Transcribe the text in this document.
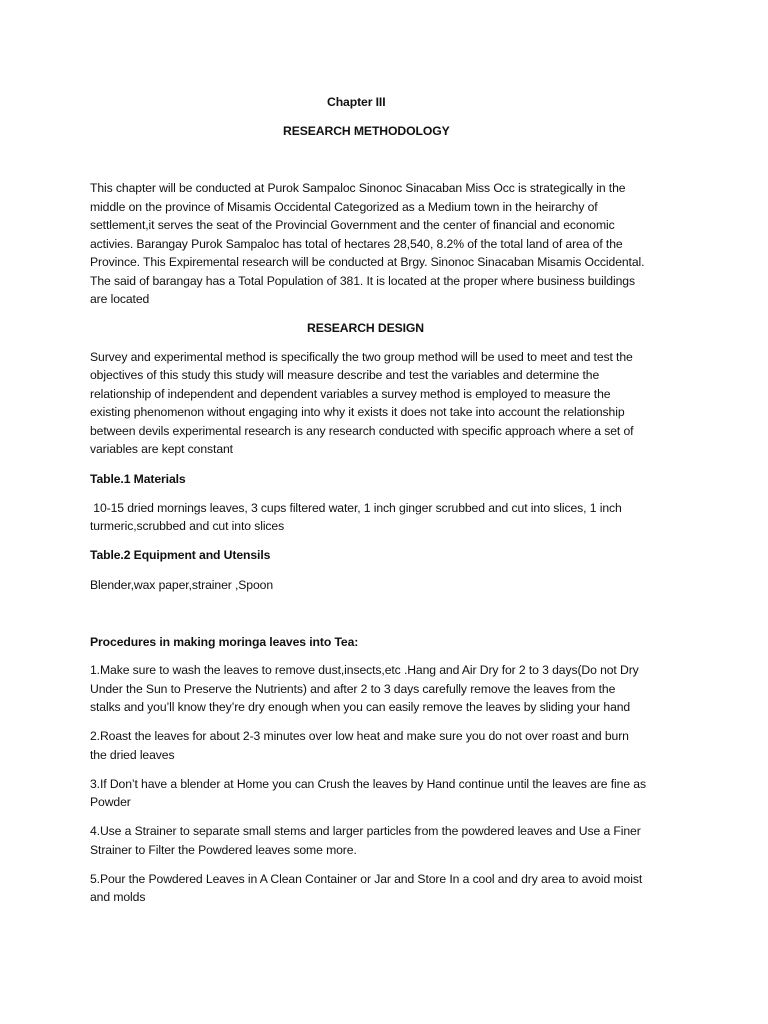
Chapter III
RESEARCH METHODOLOGY
This chapter will be conducted at Purok Sampaloc Sinonoc Sinacaban Miss Occ is strategically in the
middle on the province of Misamis Occidental Categorized as a Medium town in the heirarchy of
settlement,it serves the seat of the Provincial Government and the center of financial and economic
activies. Barangay Purok Sampaloc has total of hectares 28,540, 8.2% of the total land of area of the
Province. This Expiremental research will be conducted at Brgy. Sinonoc Sinacaban Misamis Occidental.
The said of barangay has a Total Population of 381. It is located at the proper where business buildings
are located
RESEARCH DESIGN
Survey and experimental method is specifically the two group method will be used to meet and test the
objectives of this study this study will measure describe and test the variables and determine the
relationship of independent and dependent variables a survey method is employed to measure the
existing phenomenon without engaging into why it exists it does not take into account the relationship
between devils experimental research is any research conducted with specific approach where a set of
variables are kept constant
Table.1 Materials
10-15 dried mornings leaves, 3 cups filtered water, 1 inch ginger scrubbed and cut into slices, 1 inch
turmeric,scrubbed and cut into slices
Table.2 Equipment and Utensils
Blender,wax paper,strainer ,Spoon
Procedures in making moringa leaves into Tea:
1.Make sure to wash the leaves to remove dust,insects,etc .Hang and Air Dry for 2 to 3 days(Do not Dry
Under the Sun to Preserve the Nutrients) and after 2 to 3 days carefully remove the leaves from the
stalks and you’ll know they’re dry enough when you can easily remove the leaves by sliding your hand
2.Roast the leaves for about 2-3 minutes over low heat and make sure you do not over roast and burn
the dried leaves
3.If Don’t have a blender at Home you can Crush the leaves by Hand continue until the leaves are fine as
Powder
4.Use a Strainer to separate small stems and larger particles from the powdered leaves and Use a Finer
Strainer to Filter the Powdered leaves some more.
5.Pour the Powdered Leaves in A Clean Container or Jar and Store In a cool and dry area to avoid moist
and molds
